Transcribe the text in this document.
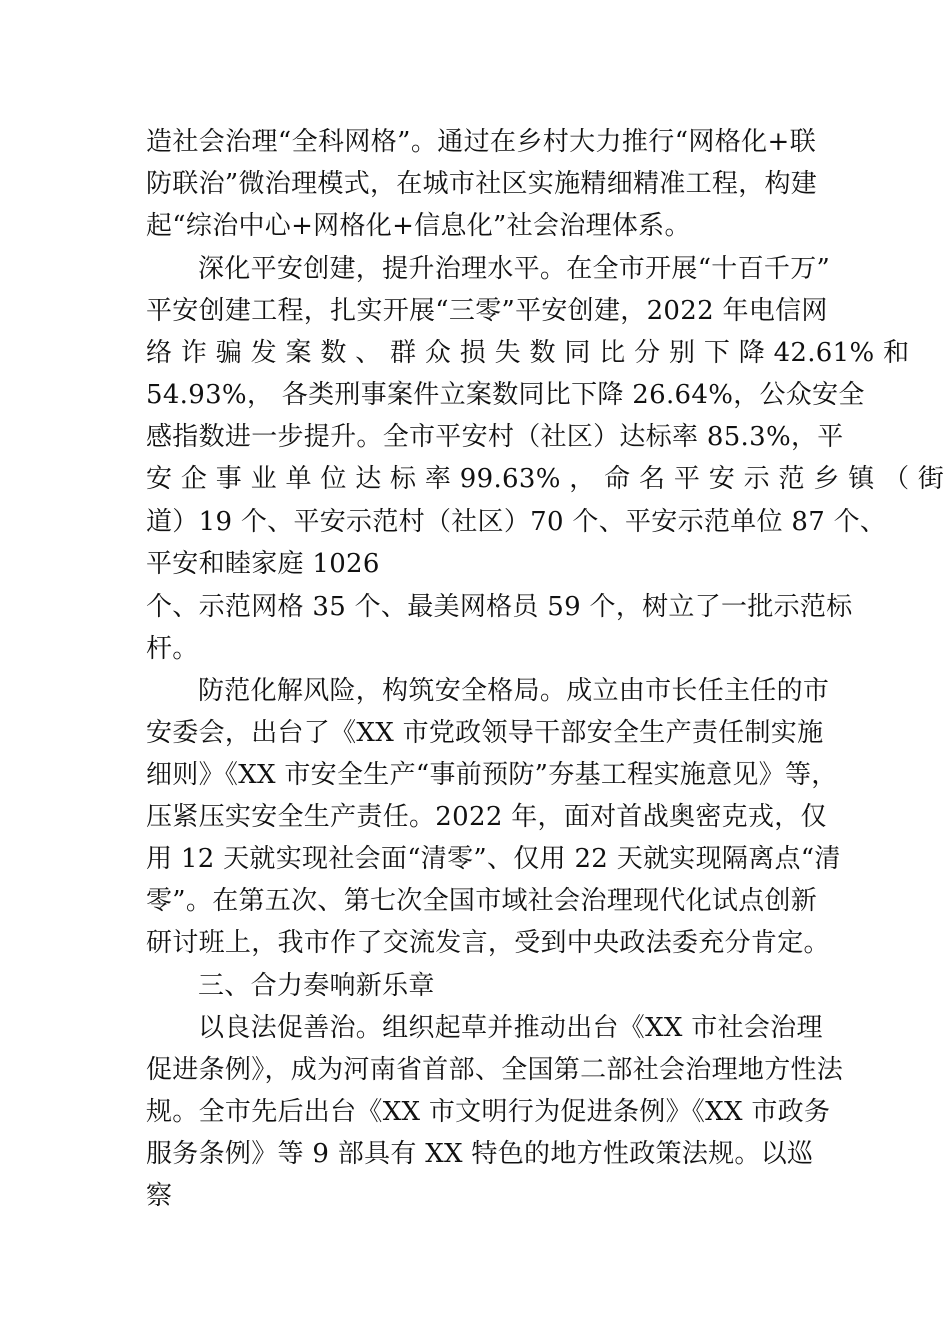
造社会治理“全科网格”。通过在乡村大力推行“网格化+联
防联治”微治理模式，在城市社区实施精细精准工程，构建
起“综治中心+网格化+信息化”社会治理体系。
深化平安创建，提升治理水平。在全市开展“十百千万”
平安创建工程，扎实开展“三零”平安创建，2022 年电信网
络 诈 骗 发 案 数 、 群 众 损 失 数 同 比 分 别 下 降 42.61% 和
54.93%， 各类刑事案件立案数同比下降 26.64%，公众安全
感指数进一步提升。全市平安村（社区）达标率 85.3%，平
安 企 事 业 单 位 达 标 率 99.63% ， 命 名 平 安 示 范 乡 镇 （ 街
道）19 个、平安示范村（社区）70 个、平安示范单位 87 个、
平安和睦家庭 1026
个、示范网格 35 个、最美网格员 59 个，树立了一批示范标
杆。
防范化解风险，构筑安全格局。成立由市长任主任的市
安委会，出台了《XX 市党政领导干部安全生产责任制实施
细则》《XX 市安全生产“事前预防”夯基工程实施意见》等，
压紧压实安全生产责任。2022 年，面对首战奥密克戎，仅
用 12 天就实现社会面“清零”、仅用 22 天就实现隔离点“清
零”。在第五次、第七次全国市域社会治理现代化试点创新
研讨班上，我市作了交流发言，受到中央政法委充分肯定。
三、合力奏响新乐章
以良法促善治。组织起草并推动出台《XX 市社会治理
促进条例》，成为河南省首部、全国第二部社会治理地方性法
规。全市先后出台《XX 市文明行为促进条例》《XX 市政务
服务条例》等 9 部具有 XX 特色的地方性政策法规。以巡
察
